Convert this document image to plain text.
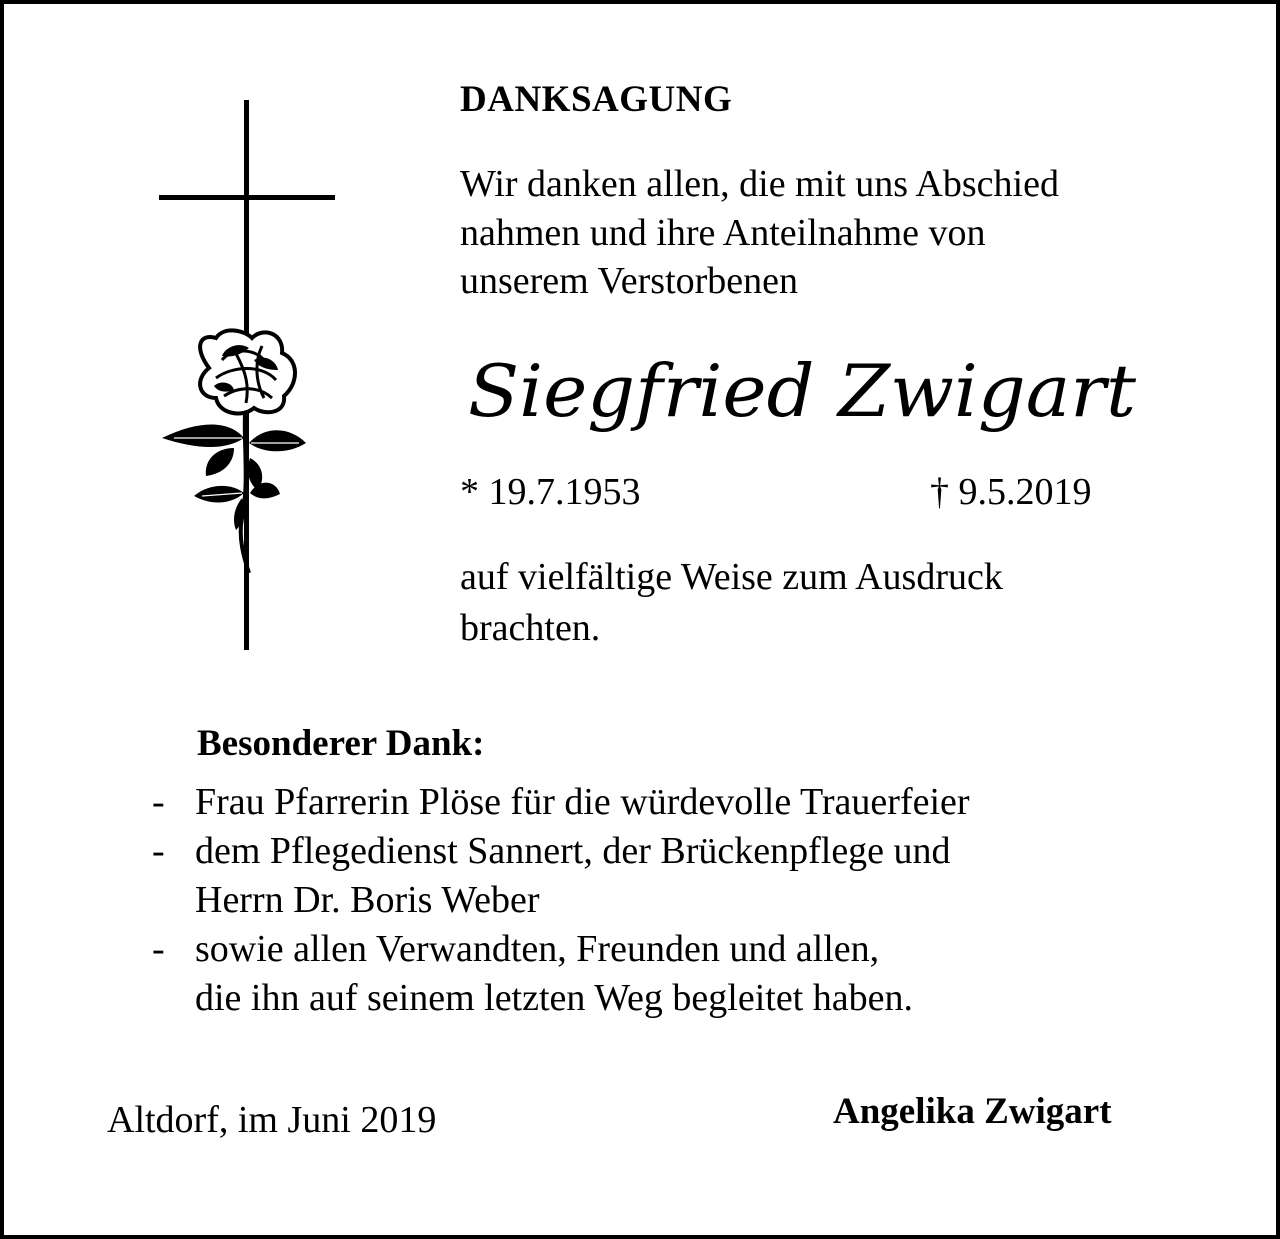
DANKSAGUNG
Wir danken allen, die mit uns Abschied
nahmen und ihre Anteilnahme von
unserem Verstorbenen
Siegfried Zwigart
* 19.7.1953	† 9.5.2019
auf vielfältige Weise zum Ausdruck
brachten.
Besonderer Dank:
- Frau Pfarrerin Plöse für die würdevolle Trauerfeier
- dem Pflegedienst Sannert, der Brückenpflege und
Herrn Dr. Boris Weber
- sowie allen Verwandten, Freunden und allen,
die ihn auf seinem letzten Weg begleitet haben.
Altdorf, im Juni 2019	Angelika Zwigart
